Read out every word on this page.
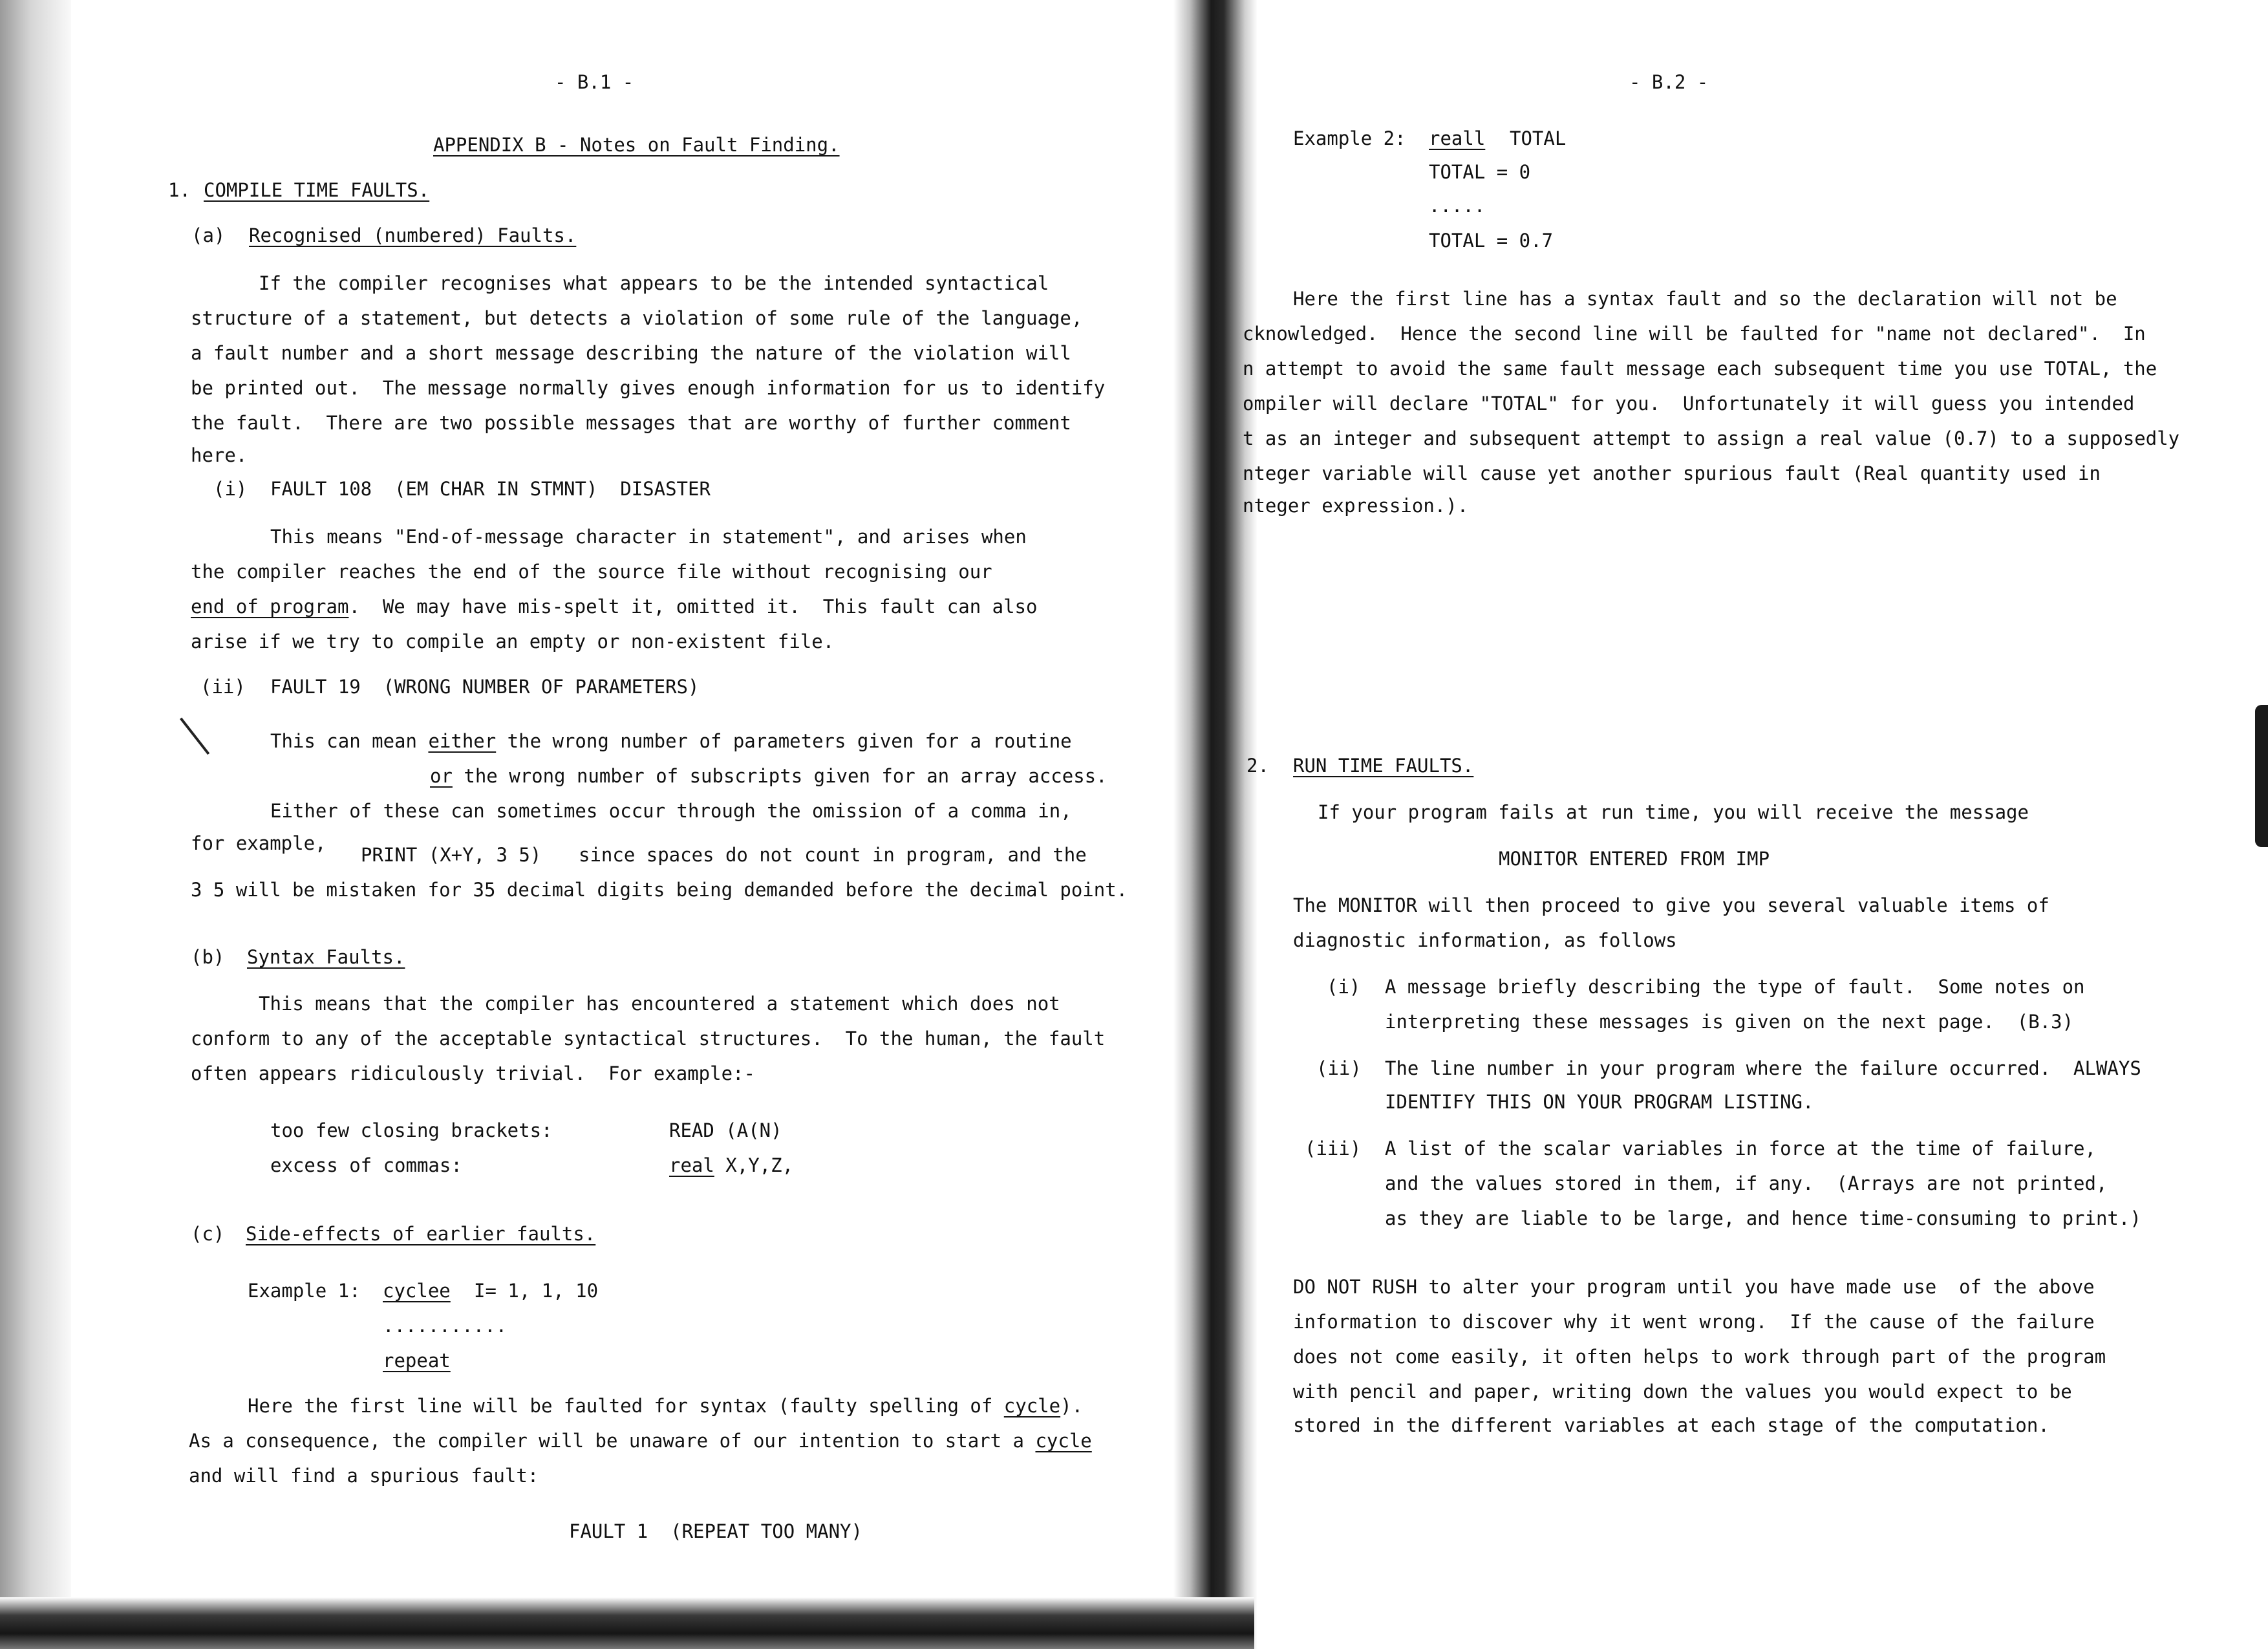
- B.1 -
APPENDIX B - Notes on Fault Finding.
1. COMPILE TIME FAULTS.
(a) Recognised (numbered) Faults.
If the compiler recognises what appears to be the intended syntactical
structure of a statement, but detects a violation of some rule of the language,
a fault number and a short message describing the nature of the violation will
be printed out.  The message normally gives enough information for us to identify
the fault.  There are two possible messages that are worthy of further comment
here.
(i) FAULT 108  (EM CHAR IN STMNT)  DISASTER
This means "End-of-message character in statement", and arises when
the compiler reaches the end of the source file without recognising our
end of program.  We may have mis-spelt it, omitted it.  This fault can also
arise if we try to compile an empty or non-existent file.
(ii) FAULT 19  (WRONG NUMBER OF PARAMETERS)
This can mean either the wrong number of parameters given for a routine
or the wrong number of subscripts given for an array access.
Either of these can sometimes occur through the omission of a comma in,
for example,
PRINT (X+Y, 3 5) since spaces do not count in program, and the
3 5 will be mistaken for 35 decimal digits being demanded before the decimal point.
(b) Syntax Faults.
This means that the compiler has encountered a statement which does not
conform to any of the acceptable syntactical structures.  To the human, the fault
often appears ridiculously trivial.  For example:-
too few closing brackets:	READ (A(N)
excess of commas:	real X,Y,Z,
(c) Side-effects of earlier faults.
Example 1: cyclee I= 1, 1, 10
...........
repeat
Here the first line will be faulted for syntax (faulty spelling of cycle).
As a consequence, the compiler will be unaware of our intention to start a cycle
and will find a spurious fault:
FAULT 1  (REPEAT TOO MANY)
- B.2 -
Example 2: reall TOTAL
TOTAL = 0
.....
TOTAL = 0.7
Here the first line has a syntax fault and so the declaration will not be
cknowledged.  Hence the second line will be faulted for "name not declared".  In
n attempt to avoid the same fault message each subsequent time you use TOTAL, the
ompiler will declare "TOTAL" for you.  Unfortunately it will guess you intended
t as an integer and subsequent attempt to assign a real value (0.7) to a supposedly
nteger variable will cause yet another spurious fault (Real quantity used in
nteger expression.).
2. RUN TIME FAULTS.
If your program fails at run time, you will receive the message
MONITOR ENTERED FROM IMP
The MONITOR will then proceed to give you several valuable items of
diagnostic information, as follows
(i) A message briefly describing the type of fault.  Some notes on
interpreting these messages is given on the next page.  (B.3)
(ii) The line number in your program where the failure occurred.  ALWAYS
IDENTIFY THIS ON YOUR PROGRAM LISTING.
(iii) A list of the scalar variables in force at the time of failure,
and the values stored in them, if any.  (Arrays are not printed,
as they are liable to be large, and hence time-consuming to print.)
DO NOT RUSH to alter your program until you have made use  of the above
information to discover why it went wrong.  If the cause of the failure
does not come easily, it often helps to work through part of the program
with pencil and paper, writing down the values you would expect to be
stored in the different variables at each stage of the computation.
